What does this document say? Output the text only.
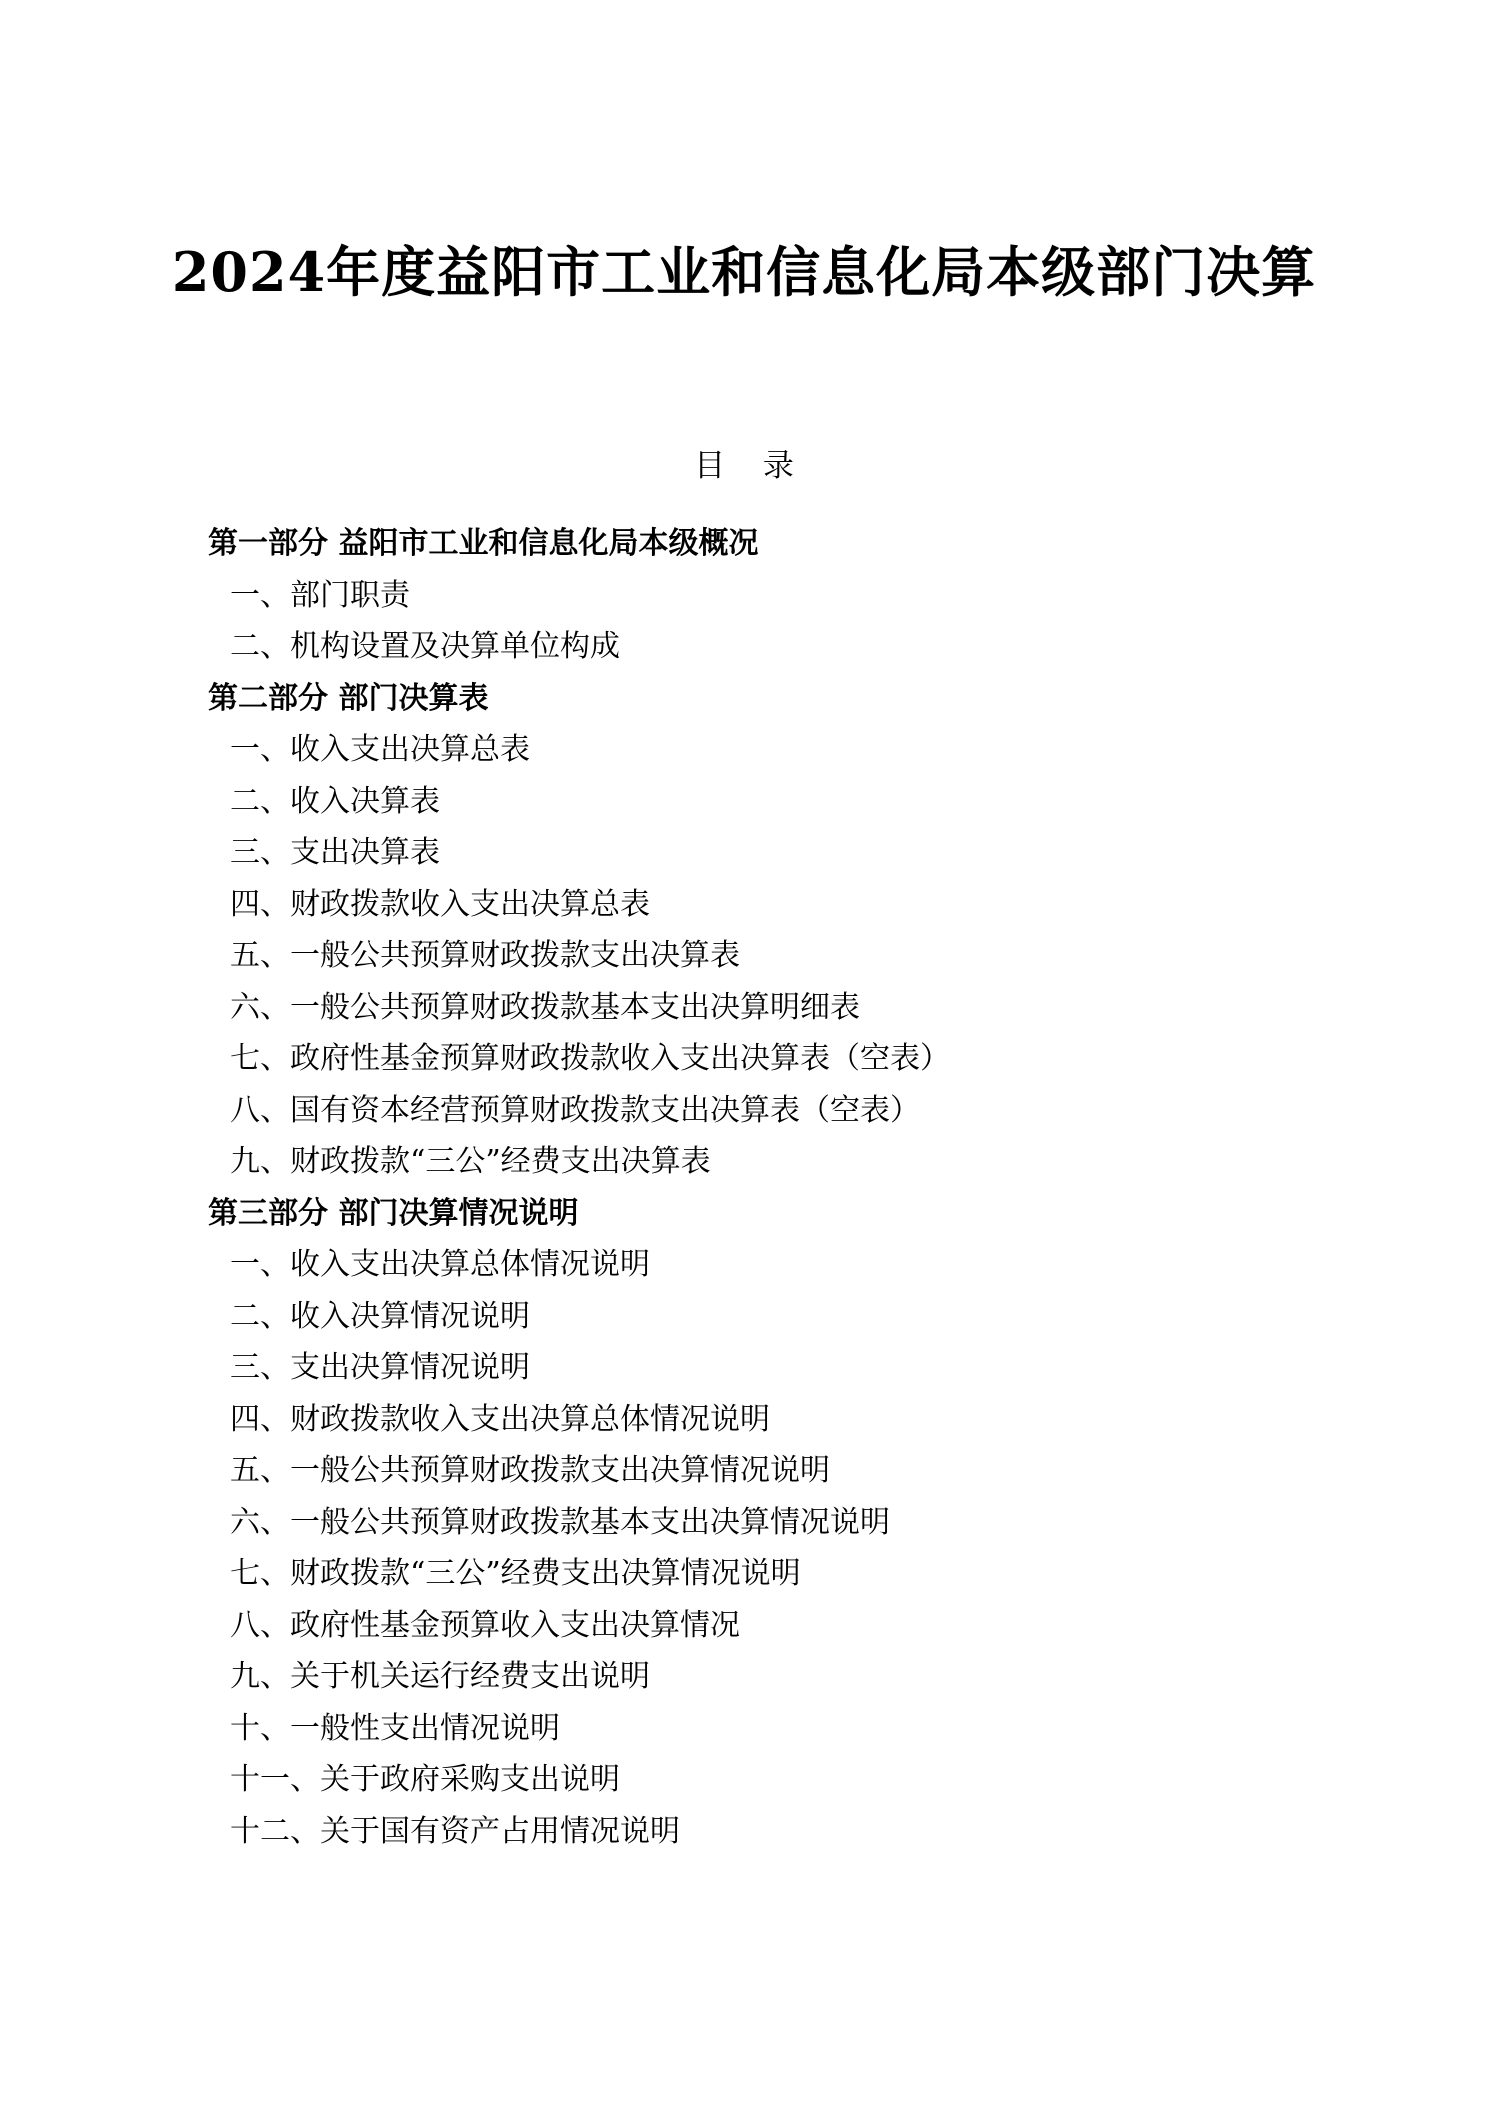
2024年度益阳市工业和信息化局本级部门决算
目 录
第一部分 益阳市工业和信息化局本级概况
一、部门职责
二、机构设置及决算单位构成
第二部分 部门决算表
一、收入支出决算总表
二、收入决算表
三、支出决算表
四、财政拨款收入支出决算总表
五、一般公共预算财政拨款支出决算表
六、一般公共预算财政拨款基本支出决算明细表
七、政府性基金预算财政拨款收入支出决算表（空表）
八、国有资本经营预算财政拨款支出决算表（空表）
九、财政拨款“三公”经费支出决算表
第三部分 部门决算情况说明
一、收入支出决算总体情况说明
二、收入决算情况说明
三、支出决算情况说明
四、财政拨款收入支出决算总体情况说明
五、一般公共预算财政拨款支出决算情况说明
六、一般公共预算财政拨款基本支出决算情况说明
七、财政拨款“三公”经费支出决算情况说明
八、政府性基金预算收入支出决算情况
九、关于机关运行经费支出说明
十、一般性支出情况说明
十一、关于政府采购支出说明
十二、关于国有资产占用情况说明
